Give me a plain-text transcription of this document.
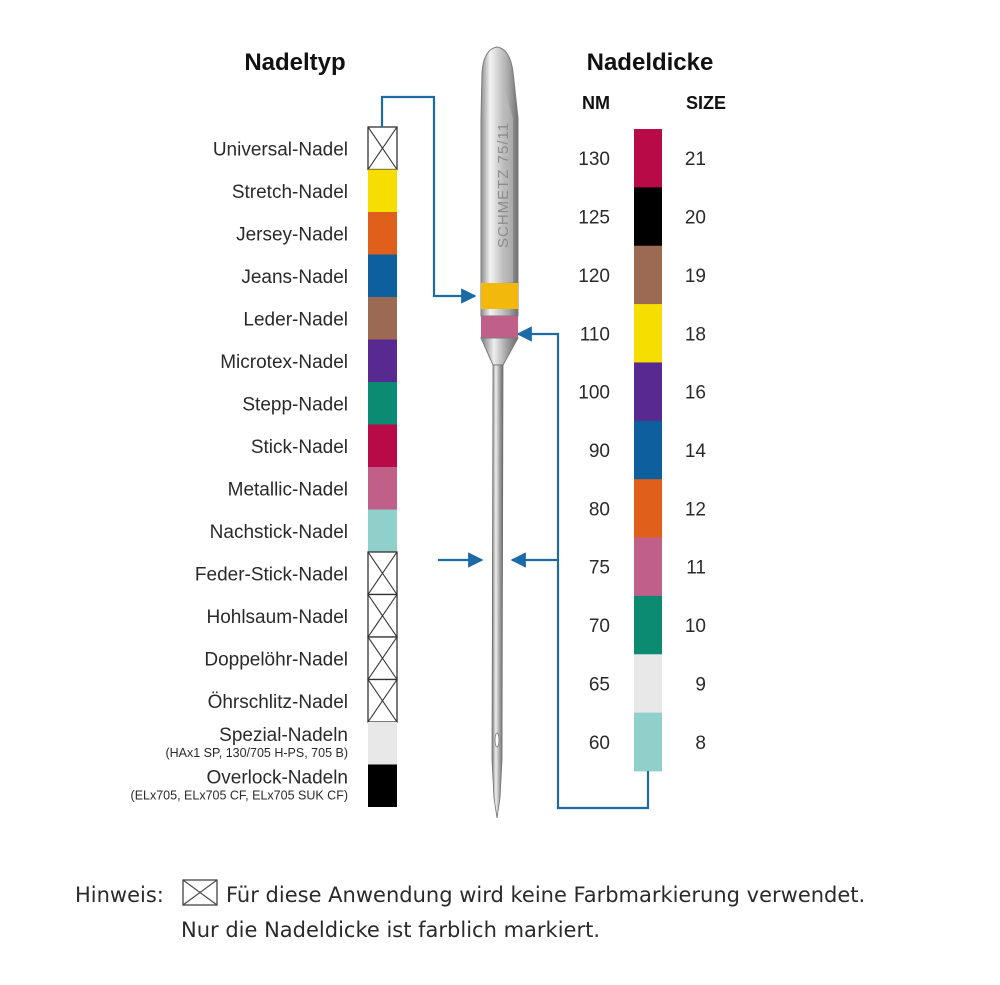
Nadeltyp	Nadeldicke
NM	SIZE
Universal-Nadel
Stretch-Nadel
Jersey-Nadel
Jeans-Nadel
Leder-Nadel
Microtex-Nadel
Stepp-Nadel
Stick-Nadel
Metallic-Nadel
Nachstick-Nadel
Feder-Stick-Nadel
Hohlsaum-Nadel
Doppelöhr-Nadel
Öhrschlitz-Nadel
Spezial-Nadeln
(HAx1 SP, 130/705 H-PS, 705 B)
Overlock-Nadeln
(ELx705, ELx705 CF, ELx705 SUK CF)
130	21
125	20
120	19
110	18
100	16
90	14
80	12
75	11
70	10
65	9
60	8
SCHMETZ 75/11
Hinweis:	Für diese Anwendung wird keine Farbmarkierung verwendet.
Nur die Nadeldicke ist farblich markiert.
